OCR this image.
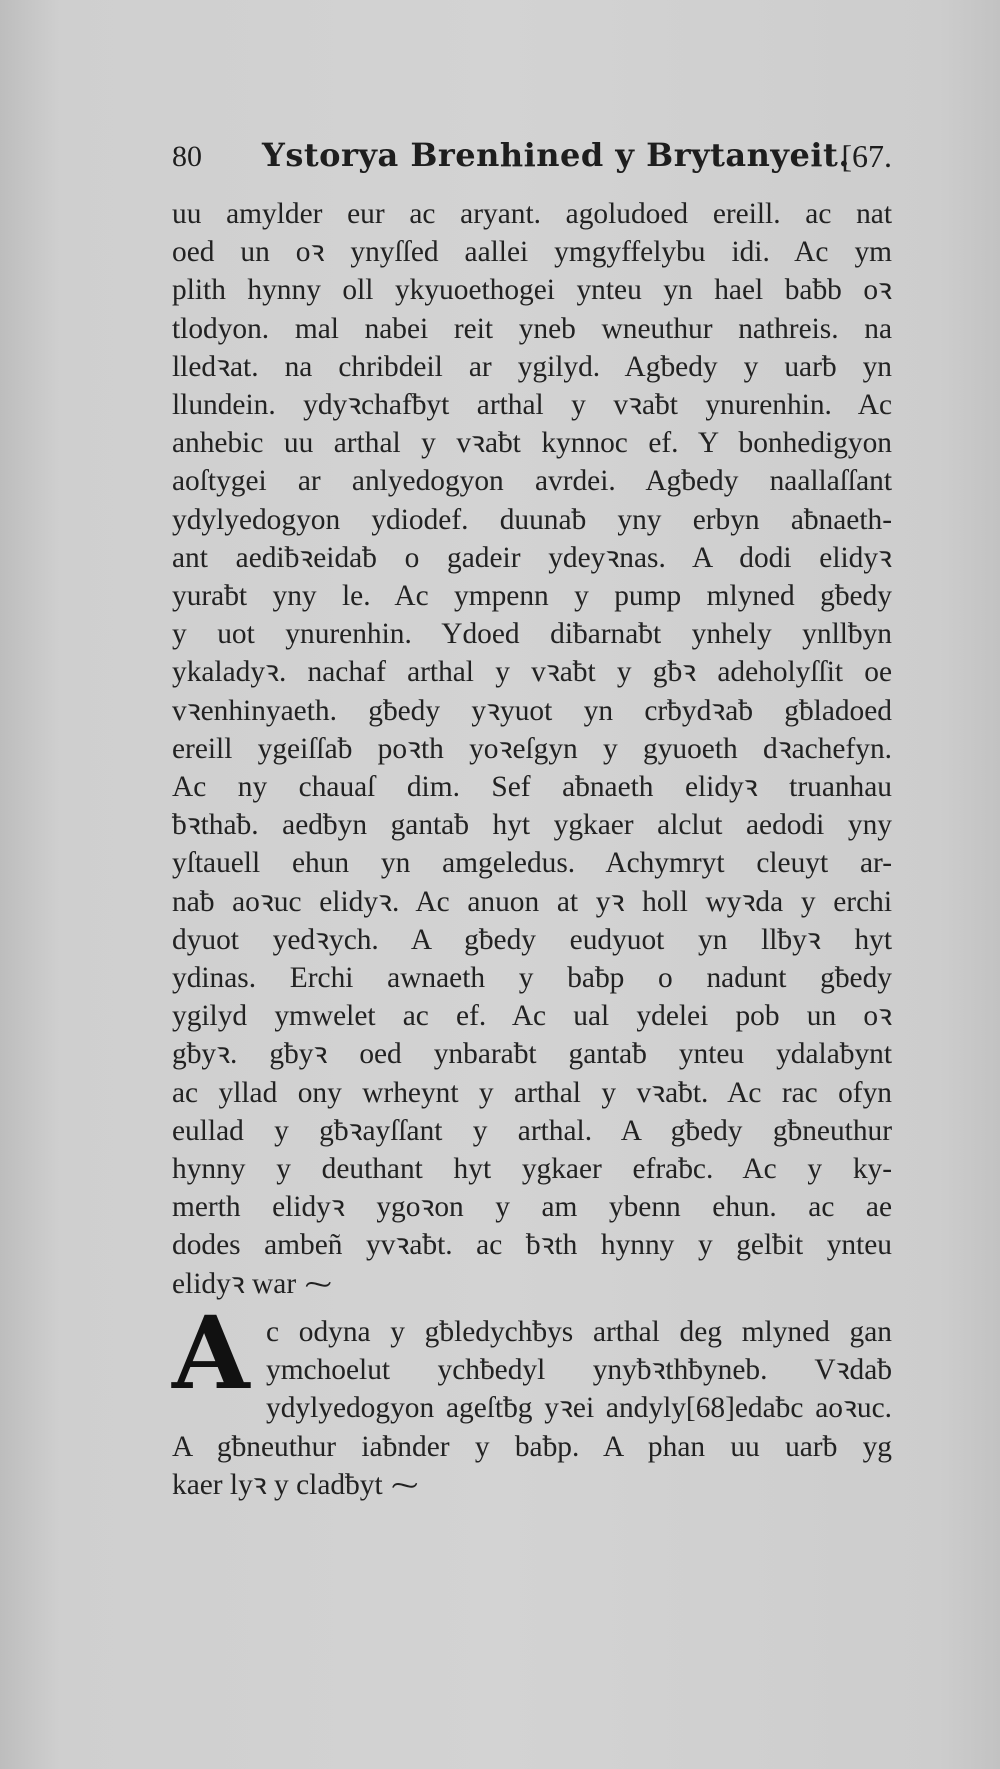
80 Ystorya Brenhined y Brytanyeit.
[67.
uu amylder eur ac aryant. agoludoed ereill. ac nat
oed un oꝛ ynyſſed aallei ymgyffelybu idi. Ac ym
plith hynny oll ykyuoethogei ynteu yn hael baƀb oꝛ
tlodyon. mal nabei reit yneb wneuthur nathreis. na
lledꝛat. na chribdeil ar ygilyd. Agƀedy y uarƀ yn
llundein. ydyꝛchafƀyt arthal y vꝛaƀt ynurenhin. Ac
anhebic uu arthal y vꝛaƀt kynnoc ef. Y bonhedigyon
aoſtygei ar anlyedogyon avrdei. Agƀedy naallaſſant
ydylyedogyon ydiodef. duunaƀ yny erbyn aƀnaeth-
ant aediƀꝛeidaƀ o gadeir ydeyꝛnas. A dodi elidyꝛ
yuraƀt yny le. Ac ympenn y pump mlyned gƀedy
y uot ynurenhin. Ydoed diƀarnaƀt ynhely ynllƀyn
ykaladyꝛ. nachaf arthal y vꝛaƀt y gƀꝛ adeholyſſit oe
vꝛenhinyaeth. gƀedy yꝛyuot yn crƀydꝛaƀ gƀladoed
ereill ygeiſſaƀ poꝛth yoꝛeſgyn y gyuoeth dꝛachefyn.
Ac ny chauaſ dim. Sef aƀnaeth elidyꝛ truanhau
ƀꝛthaƀ. aedƀyn gantaƀ hyt ygkaer alclut aedodi yny
yſtauell ehun yn amgeledus. Achymryt cleuyt ar-
naƀ aoꝛuc elidyꝛ. Ac anuon at yꝛ holl wyꝛda y erchi
dyuot yedꝛych. A gƀedy eudyuot yn llƀyꝛ hyt
ydinas. Erchi awnaeth y baƀp o nadunt gƀedy
ygilyd ymwelet ac ef. Ac ual ydelei pob un oꝛ
gƀyꝛ. gƀyꝛ oed ynbaraƀt gantaƀ ynteu ydalaƀynt
ac yllad ony wrheynt y arthal y vꝛaƀt. Ac rac ofyn
eullad y gƀꝛayſſant y arthal. A gƀedy gƀneuthur
hynny y deuthant hyt ygkaer efraƀc. Ac y ky-
merth elidyꝛ ygoꝛon y am ybenn ehun. ac ae
dodes ambeñ yvꝛaƀt. ac ƀꝛth hynny y gelƀit ynteu
elidyꝛ war ⁓
A c odyna y gƀledychƀys arthal deg mlyned gan
ymchoelut ychƀedyl ynyƀꝛthƀyneb. Vꝛdaƀ
ydylyedogyon ageſtƀg yꝛei andyly[68]edaƀc aoꝛuc.
A gƀneuthur iaƀnder y baƀp. A phan uu uarƀ yg
kaer lyꝛ y cladƀyt ⁓
